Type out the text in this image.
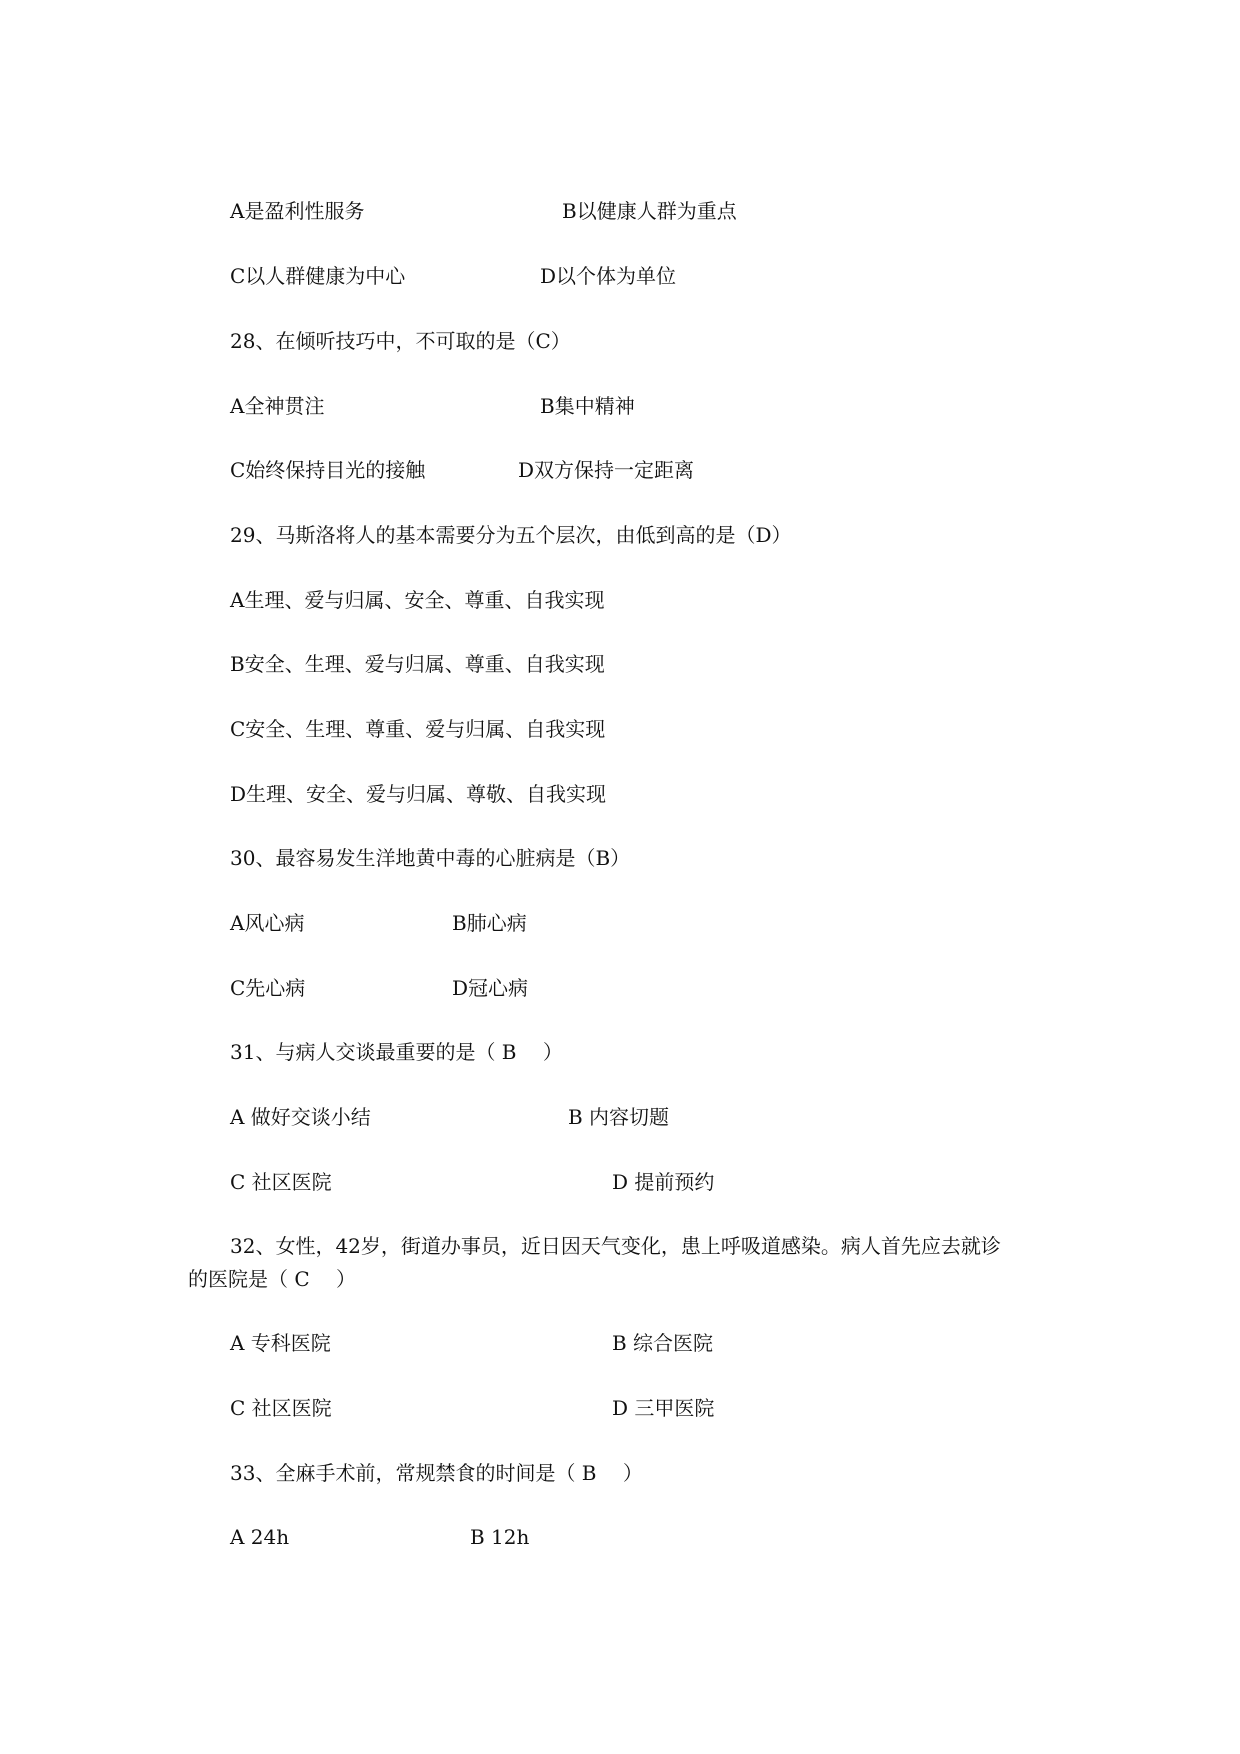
A是盈利性服务	B以健康人群为重点
C以人群健康为中心	D以个体为单位
28、在倾听技巧中，不可取的是（C）
A全神贯注	B集中精神
C始终保持目光的接触	D双方保持一定距离
29、马斯洛将人的基本需要分为五个层次，由低到高的是（D）
A生理、爱与归属、安全、尊重、自我实现
B安全、生理、爱与归属、尊重、自我实现
C安全、生理、尊重、爱与归属、自我实现
D生理、安全、爱与归属、尊敬、自我实现
30、最容易发生洋地黄中毒的心脏病是（B）
A风心病	B肺心病
C先心病	D冠心病
31、与病人交谈最重要的是（ B　 ）
A 做好交谈小结	B 内容切题
C 社区医院	D 提前预约
32、女性，42岁，街道办事员，近日因天气变化，患上呼吸道感染。病人首先应去就诊
的医院是（ C　 ）
A 专科医院	B 综合医院
C 社区医院	D 三甲医院
33、全麻手术前，常规禁食的时间是（ B　 ）
A 24h	B 12h
